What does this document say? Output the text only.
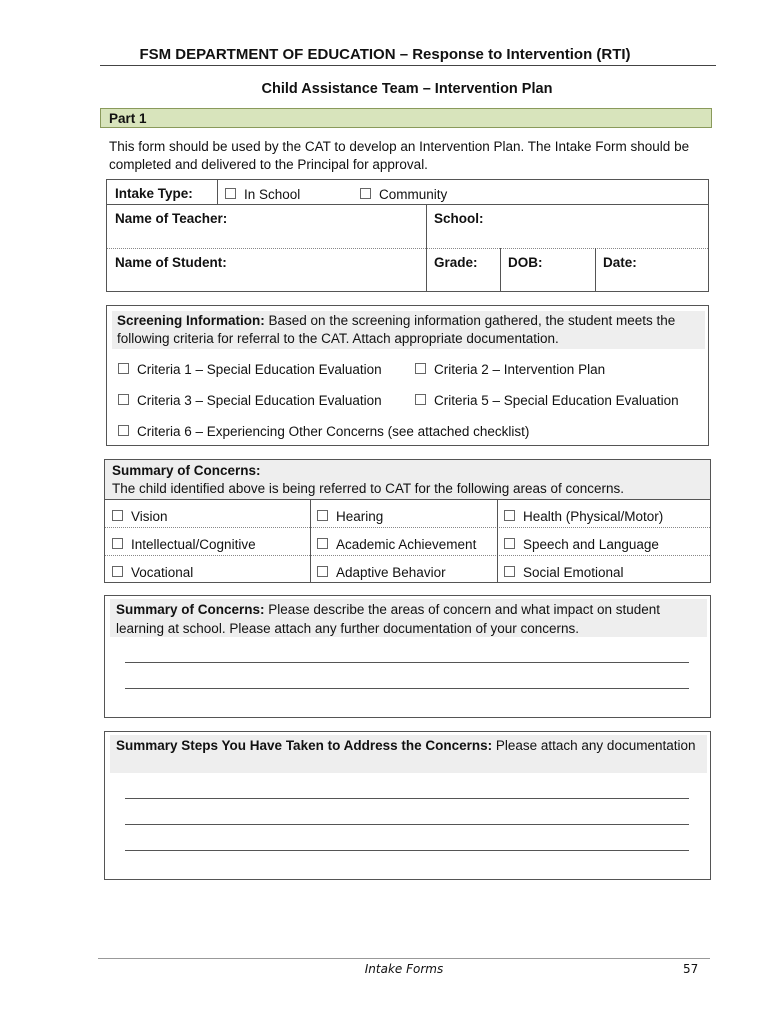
FSM DEPARTMENT OF EDUCATION – Response to Intervention (RTI)
Child Assistance Team – Intervention Plan
Part 1
This form should be used by the CAT to develop an Intervention Plan. The Intake Form should be completed and delivered to the Principal for approval.
Intake Type:	In School	Community
Name of Teacher:	School:
Name of Student:	Grade: DOB:	Date:
Screening Information: Based on the screening information gathered, the student meets the following criteria for referral to the CAT. Attach appropriate documentation.
Criteria 1 – Special Education Evaluation	Criteria 2 – Intervention Plan
Criteria 3 – Special Education Evaluation	Criteria 5 – Special Education Evaluation
Criteria 6 – Experiencing Other Concerns (see attached checklist)
Summary of Concerns:
The child identified above is being referred to CAT for the following areas of concerns.
Vision	Hearing	Health (Physical/Motor)
Intellectual/Cognitive	Academic Achievement	Speech and Language
Vocational	Adaptive Behavior	Social Emotional
Summary of Concerns: Please describe the areas of concern and what impact on student learning at school. Please attach any further documentation of your concerns.
Summary Steps You Have Taken to Address the Concerns: Please attach any documentation
Intake Forms	57
